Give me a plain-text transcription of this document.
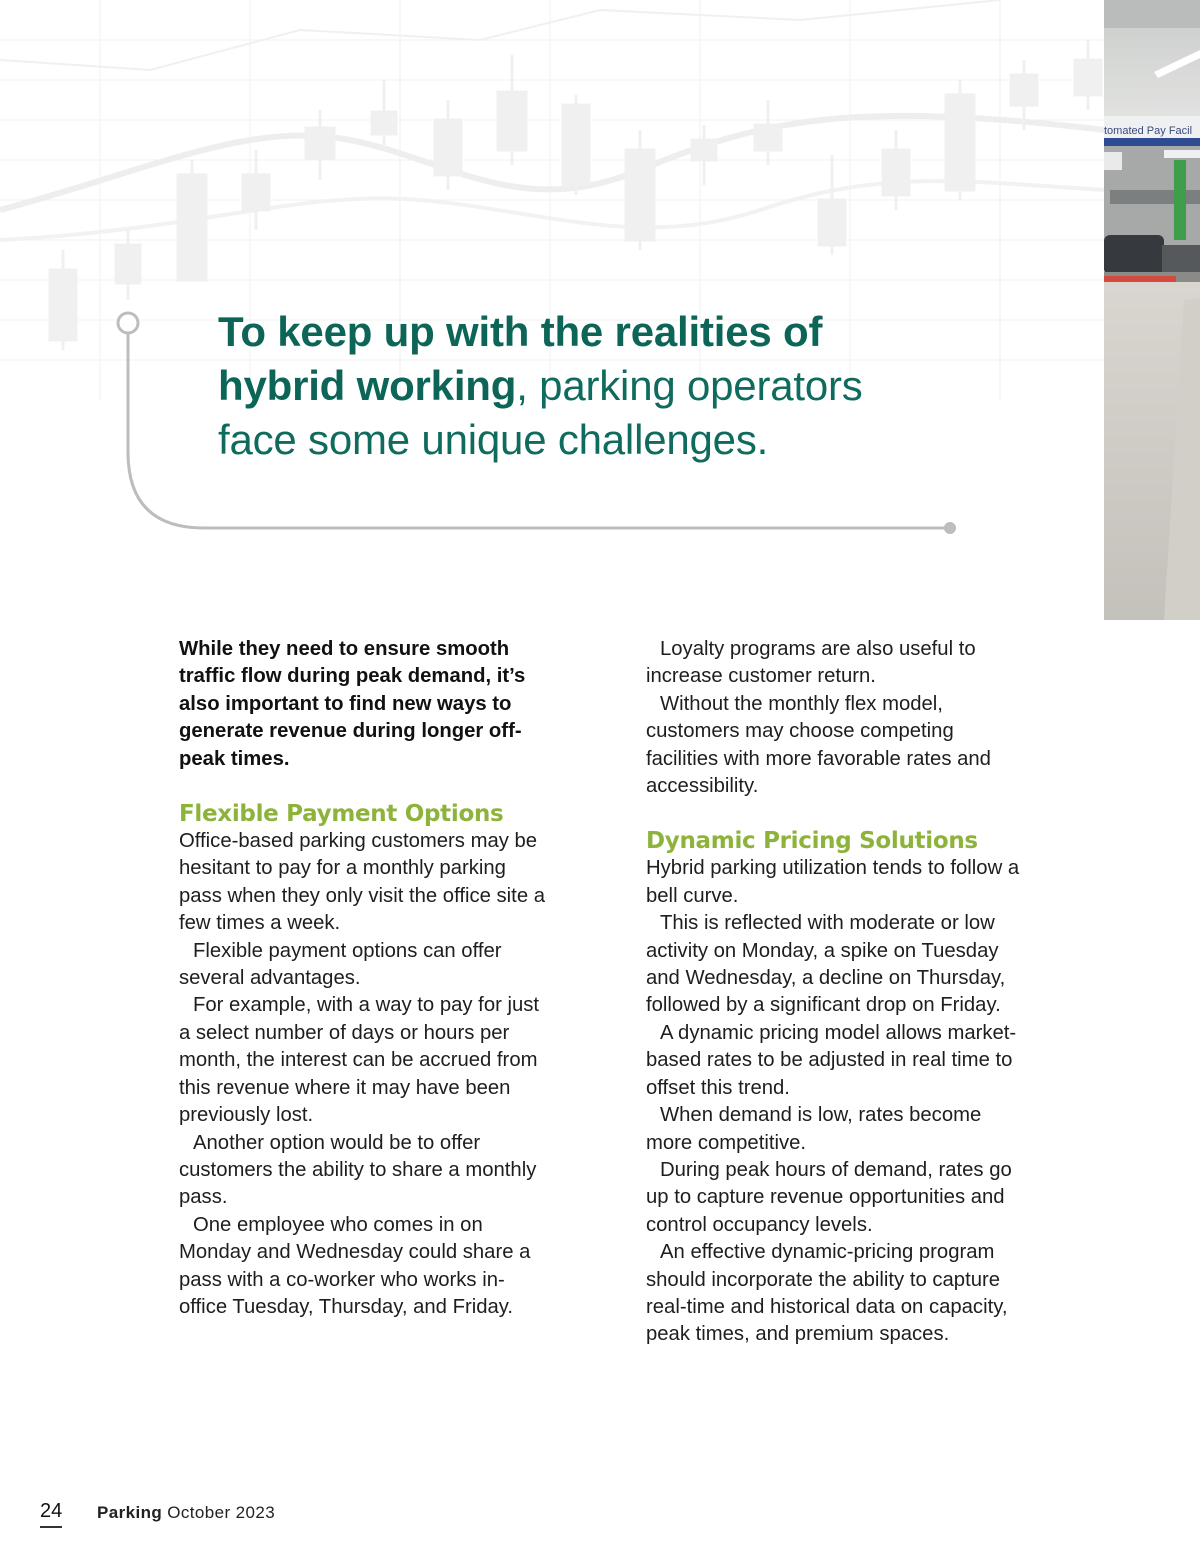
tomated Pay Facil

To keep up with the realities of
hybrid working, parking operators
face some unique challenges.

While they need to ensure smooth traffic flow during peak demand, it’s also important to find new ways to generate revenue during longer off-peak times.

Flexible Payment Options

Office-based parking customers may be hesitant to pay for a monthly parking pass when they only visit the office site a few times a week.

Flexible payment options can offer several advantages.

For example, with a way to pay for just a select number of days or hours per month, the interest can be accrued from this revenue where it may have been previously lost.

Another option would be to offer customers the ability to share a monthly pass.

One employee who comes in on Monday and Wednesday could share a pass with a co-worker who works in-office Tuesday, Thursday, and Friday.

Loyalty programs are also useful to increase customer return.

Without the monthly flex model, customers may choose competing facilities with more favorable rates and accessibility.

Dynamic Pricing Solutions

Hybrid parking utilization tends to follow a bell curve.

This is reflected with moderate or low activity on Monday, a spike on Tuesday and Wednesday, a decline on Thursday, followed by a significant drop on Friday.

A dynamic pricing model allows market-based rates to be adjusted in real time to offset this trend.

When demand is low, rates become more competitive.

During peak hours of demand, rates go up to capture revenue opportunities and control occupancy levels.

An effective dynamic-pricing program should incorporate the ability to capture real-time and historical data on capacity, peak times, and premium spaces.

24 Parking October 2023
